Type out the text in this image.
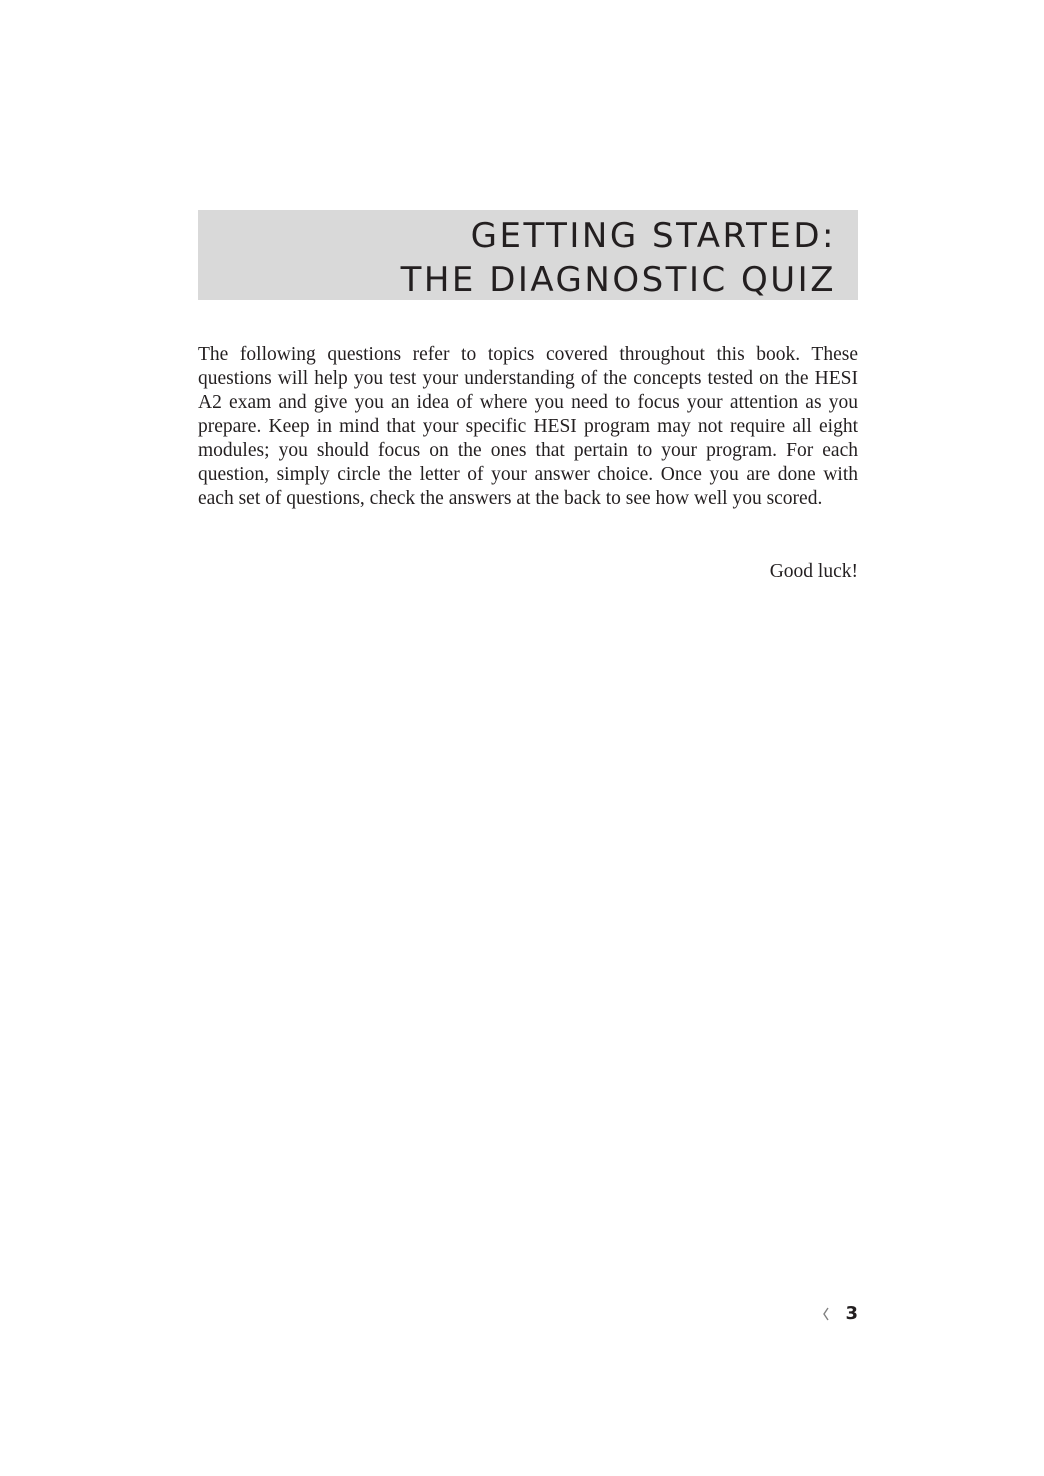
GETTING STARTED:
THE DIAGNOSTIC QUIZ

The following questions refer to topics covered throughout this book. These questions will help you test your understanding of the concepts tested on the HESI A2 exam and give you an idea of where you need to focus your attention as you prepare. Keep in mind that your specific HESI program may not require all eight modules; you should focus on the ones that pertain to your program. For each question, simply circle the letter of your answer choice. Once you are done with each set of questions, check the answers at the back to see how well you scored.

Good luck!

3
